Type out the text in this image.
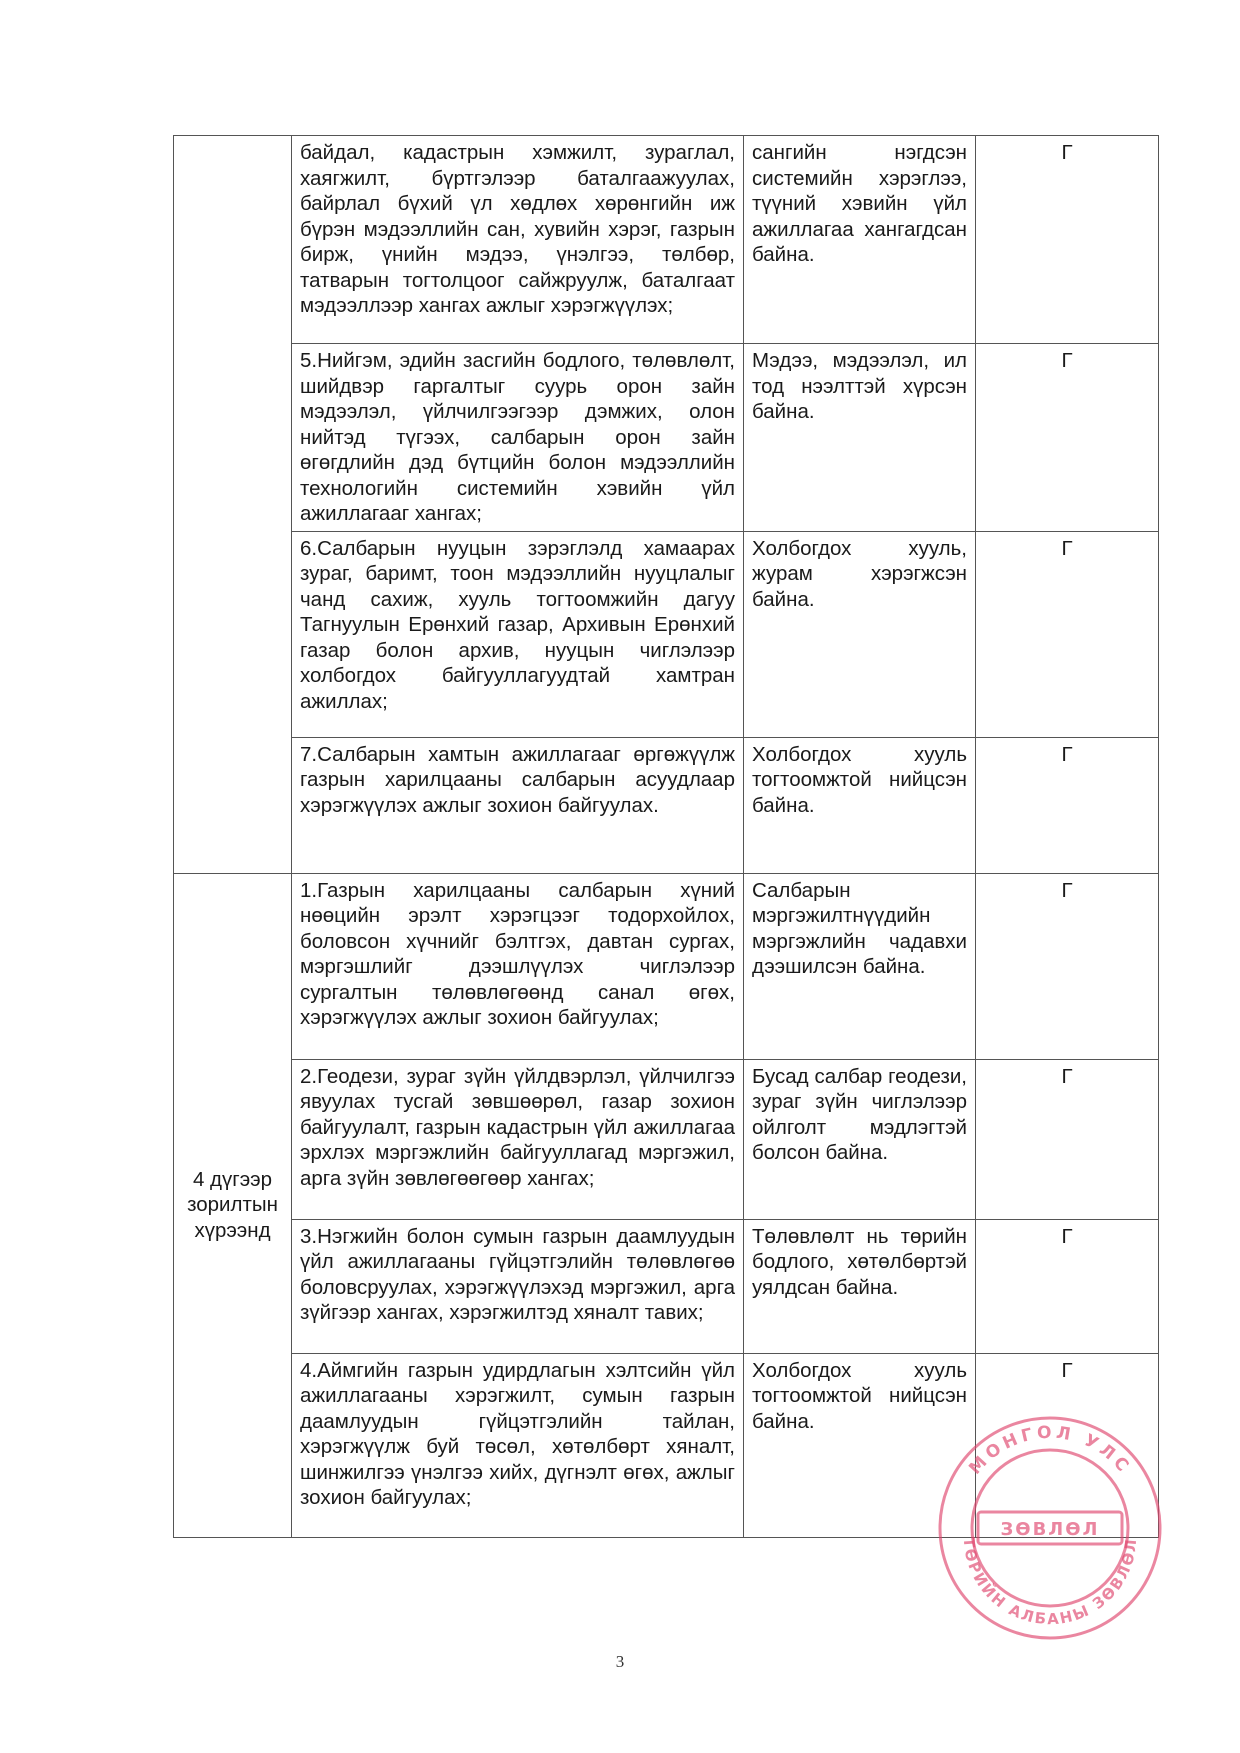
	байдал, кадастрын хэмжилт, зураглал, хаягжилт, бүртгэлээр баталгаажуулах, байрлал бүхий үл хөдлөх хөрөнгийн иж бүрэн мэдээллийн сан, хувийн хэрэг, газрын бирж, үнийн мэдээ, үнэлгээ, төлбөр, татварын тогтолцоог сайжруулж, баталгаат мэдээллээр хангах ажлыг хэрэгжүүлэх;	сангийн нэгдсэн системийн хэрэглээ, түүний хэвийн үйл ажиллагаа хангагдсан байна.	Г
	5.Нийгэм, эдийн засгийн бодлого, төлөвлөлт, шийдвэр гаргалтыг суурь орон зайн мэдээлэл, үйлчилгээгээр дэмжих, олон нийтэд түгээх, салбарын орон зайн өгөгдлийн дэд бүтцийн болон мэдээллийн технологийн системийн хэвийн үйл ажиллагааг хангах;	Мэдээ, мэдээлэл, ил тод нээлттэй хүрсэн байна.	Г
	6.Салбарын нууцын зэрэглэлд хамаарах зураг, баримт, тоон мэдээллийн нууцлалыг чанд сахиж, хууль тогтоомжийн дагуу Тагнуулын Ерөнхий газар, Архивын Ерөнхий газар болон архив, нууцын чиглэлээр холбогдох байгууллагуудтай хамтран ажиллах;	Холбогдох хууль, журам хэрэгжсэн байна.	Г
	7.Салбарын хамтын ажиллагааг өргөжүүлж газрын харилцааны салбарын асуудлаар хэрэгжүүлэх ажлыг зохион байгуулах.	Холбогдох хууль тогтоомжтой нийцсэн байна.	Г
4 дүгээр зорилтын хүрээнд	1.Газрын харилцааны салбарын хүний нөөцийн эрэлт хэрэгцээг тодорхойлох, боловсон хүчнийг бэлтгэх, давтан сургах, мэргэшлийг дээшлүүлэх чиглэлээр сургалтын төлөвлөгөөнд санал өгөх, хэрэгжүүлэх ажлыг зохион байгуулах;	Салбарын мэргэжилтнүүдийн мэргэжлийн чадавхи дээшилсэн байна.	Г
	2.Геодези, зураг зүйн үйлдвэрлэл, үйлчилгээ явуулах тусгай зөвшөөрөл, газар зохион байгуулалт, газрын кадастрын үйл ажиллагаа эрхлэх мэргэжлийн байгууллагад мэргэжил, арга зүйн зөвлөгөөгөөр хангах;	Бусад салбар геодези, зураг зүйн чиглэлээр ойлголт мэдлэгтэй болсон байна.	Г
	3.Нэгжийн болон сумын газрын даамлуудын үйл ажиллагааны гүйцэтгэлийн төлөвлөгөө боловсруулах, хэрэгжүүлэхэд мэргэжил, арга зүйгээр хангах, хэрэгжилтэд хяналт тавих;	Төлөвлөлт нь төрийн бодлого, хөтөлбөртэй уялдсан байна.	Г
	4.Аймгийн газрын удирдлагын хэлтсийн үйл ажиллагааны хэрэгжилт, сумын газрын даамлуудын гүйцэтгэлийн тайлан, хэрэгжүүлж буй төсөл, хөтөлбөрт хяналт, шинжилгээ үнэлгээ хийх, дүгнэлт өгөх, ажлыг зохион байгуулах;	Холбогдох хууль тогтоомжтой нийцсэн байна.	Г
3
МОНГОЛ УЛС
ТӨРИЙН АЛБАНЫ ЗӨВЛӨЛ
ЗӨВЛӨЛ
